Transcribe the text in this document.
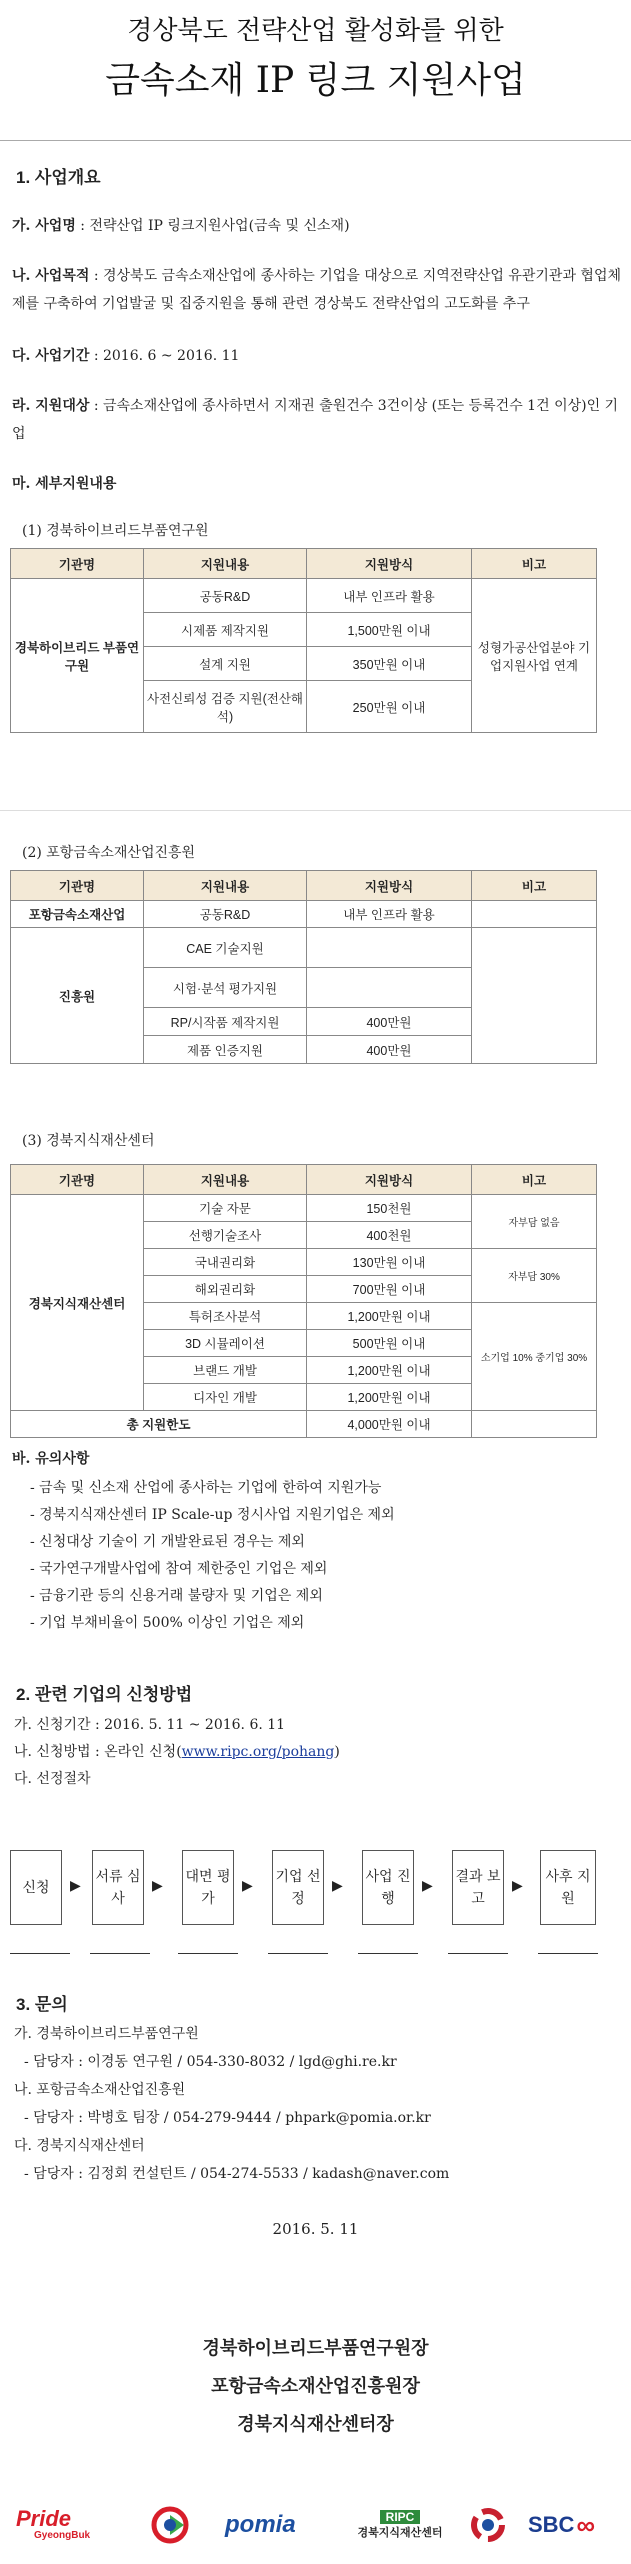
경상북도 전략산업 활성화를 위한
금속소재 IP 링크 지원사업
1. 사업개요
가. 사업명 : 전략산업 IP 링크지원사업(금속 및 신소재)
나. 사업목적 : 경상북도 금속소재산업에 종사하는 기업을 대상으로 지역전략산업 유관기관과 협업체제를 구축하여 기업발굴 및 집중지원을 통해 관련 경상북도 전략산업의 고도화를 추구
다. 사업기간 : 2016. 6 ~ 2016. 11
라. 지원대상 : 금속소재산업에 종사하면서 지재권 출원건수 3건이상 (또는 등록건수 1건 이상)인 기업
마. 세부지원내용
(1) 경북하이브리드부품연구원
기관명	지원내용	지원방식	비고
경북하이브리드 부품연구원	공동R&D	내부 인프라 활용	성형가공산업분야 기업지원사업 연계
	시제품 제작지원	1,500만원 이내	
	설계 지원	350만원 이내	
	사전신뢰성 검증 지원(전산해석)	250만원 이내	
(2) 포항금속소재산업진흥원
기관명	지원내용	지원방식	비고
포항금속소재산업	공동R&D	내부 인프라 활용	
진흥원	CAE 기술지원		
	시험·분석 평가지원		
	RP/시작품 제작지원	400만원	
	제품 인증지원	400만원	
(3) 경북지식재산센터
기관명	지원내용	지원방식	비고
경북지식재산센터	기술 자문	150천원	자부담 없음
	선행기술조사	400천원	
	국내권리화	130만원 이내	자부담 30%
	해외권리화	700만원 이내	
	특허조사분석	1,200만원 이내	소기업 10% 중기업 30%
	3D 시뮬레이션	500만원 이내	
	브랜드 개발	1,200만원 이내	
	디자인 개발	1,200만원 이내	
총 지원한도		4,000만원 이내	
바. 유의사항
- 금속 및 신소재 산업에 종사하는 기업에 한하여 지원가능
- 경북지식재산센터 IP Scale-up 정시사업 지원기업은 제외
- 신청대상 기술이 기 개발완료된 경우는 제외
- 국가연구개발사업에 참여 제한중인 기업은 제외
- 금융기관 등의 신용거래 불량자 및 기업은 제외
- 기업 부채비율이 500% 이상인 기업은 제외
2. 관련 기업의 신청방법
가. 신청기간 : 2016. 5. 11 ~ 2016. 6. 11
나. 신청방법 : 온라인 신청(www.ripc.org/pohang)
다. 선정절차
신청	▶
서류 심사
▶
대면 평가
▶
기업 선정
▶
사업 진행
▶
결과 보고
▶
사후 지원
3. 문의
가. 경북하이브리드부품연구원
- 담당자 : 이경동 연구원 / 054-330-8032 / lgd@ghi.re.kr
나. 포항금속소재산업진흥원
- 담당자 : 박병호 팀장 / 054-279-9444 / phpark@pomia.or.kr
다. 경북지식재산센터
- 담당자 : 김정회 컨설턴트 / 054-274-5533 / kadash@naver.com
2016. 5. 11
경북하이브리드부품연구원장
포항금속소재산업진흥원장
경북지식재산센터장
Pride
GyeongBuk	pomia	RIPC
경북지식재산센터	SBC ∞
